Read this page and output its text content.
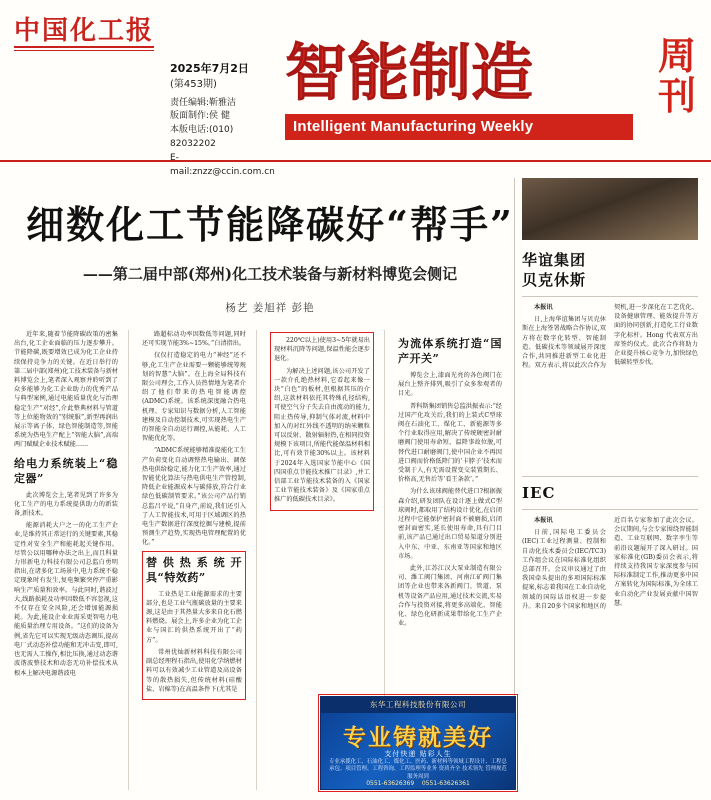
中国化工报
2025年7月2日
(第453期)
责任编辑:靳雅洁
版面制作:侯 健
本版电话:(010) 82032202
E-mail:znzz@ccin.com.cn
智能制造	周刊
Intelligent Manufacturing Weekly
细数化工节能降碳好“帮手”
——第二届中部(郑州)化工技术装备与新材料博览会侧记
杨艺 姜旭祥 彭艳

近年来,随着节能降碳政策的密集出台,化工企业面临的压力逐步攀升。节能降碳,既要增效已成为化工企业持续保持竞争力的关键。在近日举行的第二届中部(郑州)化工技术装备与新材料博览会上,笔者深入观察并聆听到了众多能够为化工企业助力的优秀产品与典型案例,通过电能质量优化与治理稳定生产“对经”,介此整典材料与管道等上位能物效的“别统服”,新型再润出展示等离子体、绿色智能制造等,智能系统为热电生产配上“智能大脑”,高端两门赋赋企业技术赋能……

给电力系统装上“稳定器”

此次博览会上,笔者见到了许多为化工生产的电力系统提供助力的新装备,新技术。

能源消耗大户之一的化工生产企业,是维持其正常运行的关键要素,其稳定性对安全生产和能耗起关键作用。尽管公以用哪种办法之出上,而且科量力形新电力科技有限公司总监白勇明指出,在诸多化工场景中,电力系统不稳定现象时有发生,复电频繁突停产重影响生产质量和效率。与此同时,谐波过大,线路损耗及功率因数低不容忽视,这不仅存在安全风险,还会增加能源损耗。为此,能设企业业需采更智电力电能质量治理专用设备。“这们的设备为例,省先它可以实现无级动态调压,提高电厂式动态补偿功能和无冲击变,即可,也无需人工操作,相比压换,通过动态谐波谐波整技术和动态无功补偿技术从根本上解决电源谐波电

路超标动功率因数低等问题,同时还可实现节能3%~15%。”白清指出。

仅仅打造稳定的电力“神经”还不够,化工生产企业需要一颗能够统筹规划的智慧“大脑”。在上海全局科技有限公司理会,工作人员热情地为笔者介绍了他们带来的热电智能调控(ADMC)系统。该系统深度融合热电机理、专家知识与数据分析,人工智能建模及自动控制技术,可实现热电生产的智能全自动运行调控,从能耗、人工智能优化等。

“ADMC系统能够精准提能化工生产负荷变化自动调整热电输出、调保热电供给稳定,能力化工生产效率,通过智能优化算法与热电供电生产管控制,降低企业能源成本与碳排放,符合行业绿色低碳制管要求。”该公司产品行销总监吕平说,“自身产,前说,我们还引入了人工智能技术,可用于区域调区的热电生产数据进行深度挖掘与建模,提前预测生产趋势,实现热电管理配置的优化。”

替供热系统开具“特效药”

工业热是工业能源需求的主要部分,也是工业气瓶碳放量的主要来源,这是由于其热量大多来自化石燃料燃烧。展会上,许多企业为化工企业与国汇的供热系统开出了“药方”。

常州优灿新材料科技有限公司副总经理程石指出,使用化学纳燃材料可以有效减少工业管道及高设备等的散热损失,但传统材料(硅酸盐、岩棉等)在高温条件下(尤其是

220℃以上)使用3~5年就易出现材料沉降等问题,保温性能会逐步退化。

为解决上述问题,该公司开发了一款介孔绝热材料,它看起来像一块“白色”的板材,但根据其压的介绍,这款材料依托其特殊孔径结构,可使空气分子失去自由流动的能力,阻止热传导,抑制气体对流,材料中加入的对红外线不透明的纳米颗粒可以反射、散射辐射热,在相同投资规模下该项目,所能代能保温材料相比,可有效节能30%以上。该材料于2024年入选国家节能中心《国四国重点节能技术推广目录》,并工信部工业节能技术装备的入《国家工业节能技术装备》及《国家重点推广的低碳技术目录》。

为流体系统打造“国产开关”

博览会上,漆面光亮的各色阀门在展台上整齐排列,吸引了众多参观者的目光。

普科斯集团销售总监洪振表示:“经过国产化攻关后,我们的上装式C型球阀在石油化工、煤化工、新能源等多个行业取得应用,解决了传统硬密封耐磨阀门使用寿命短、温降事故位脱,可替代进口耐磨阀门,使中国企业不再因进口阀而价格低降门的‘卡脖子’技术而受制于人,有无需设置变交装置期长、价格高,无售后等‘看王条款’。”

为什么该球阀能替代进口?根据振森介绍,研发团队在设计逐上做式C型球阀时,都取用了结构设计优化,在启闭过程中它能保护密封面不被磨损,启闭密封面密实,延长使用寿命,具有门目前,该产品已通过出口贸易渠道分别进入中东、中亚、东南亚等国家和地区市场。

此外,江苏江汉大泵业制造有限公司、潍工阀门集团、河南江矿阀门集团等企业也带来各新阀门、管道、泵机等设备产品应用,通过技术交流,实易合作与投资对接,将更多高端化、智能化、绿色化研新成果带给化工生产企业。

华谊集团
贝克休斯

本报讯

日,上海华谊集团与贝克休斯在上海签署战略合作协议,双方将在数字化转型、智能制造、低碳技术等领域展开深度合作,共同推进新型工业化进程。双方表示,将以此次合作为契机,进一步深化在工艺优化、设备健康管理、能效提升等方面的协同创新,打造化工行业数字化标杆。Hong 代表双方出席签约仪式。此次合作将助力企业提升核心竞争力,加快绿色低碳转型步伐。

IEC

本报讯

日前,国际电工委员会(IEC)工业过程测量、控制和自动化技术委员会(IEC/TC3)工作组会议在国际标准化组织总部召开。会议审议通过了由我国牵头提出的多项国际标准提案,标志着我国在工业自动化领域的国际话语权进一步提升。来自20多个国家和地区的近百名专家参加了此次会议。会议期间,与会专家围绕智能制造、工业互联网、数字孪生等前沿议题展开了深入研讨。国家标准化(GB)委员会表示,将持续支持我国专家深度参与国际标准制定工作,推动更多中国方案转化为国际标准,为全球工业自动化产业发展贡献中国智慧。

东华工程科技股份有限公司
专业铸就美好
支付快递 贴彩人生
专业承揽化工、石油化工、煤化工、医药、新材料等领域工程设计、工程总承包、项目管理、工程咨询、工程监理等业务 资质齐全 技术领先 管理规范 服务周到
0551-63626369 0551-63626361
